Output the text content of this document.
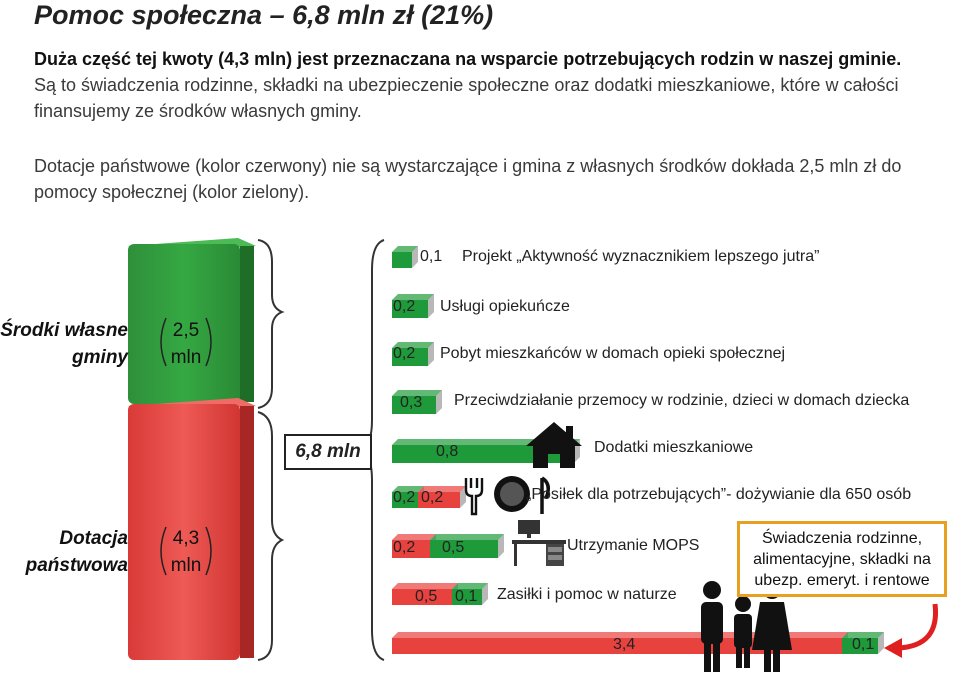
Pomoc społeczna – 6,8 mln zł (21%)
Duża część tej kwoty (4,3 mln) jest przeznaczana na wsparcie potrzebujących rodzin w naszej gminie. Są to świadczenia rodzinne, składki na ubezpieczenie społeczne oraz dodatki mieszkaniowe, które w całości finansujemy ze środków własnych gminy.
Dotacje państwowe (kolor czerwony) nie są wystarczające i gmina z własnych środków dokłada 2,5 mln zł do pomocy społecznej (kolor zielony).
Środki własne gminy
2,5 mln
Dotacja państwowa
4,3 mln
6,8 mln
0,1 Projekt „Aktywność wyznacznikiem lepszego jutra”
0,2 Usługi opiekuńcze
0,2 Pobyt mieszkańców w domach opieki społecznej
0,3 Przeciwdziałanie przemocy w rodzinie, dzieci w domach dziecka
0,8	Dodatki mieszkaniowe
0,2 0,2	„Posiłek dla potrzebujących”- dożywianie dla 650 osób
0,2 0,5	Utrzymanie MOPS
0,5 0,1 Zasiłki i pomoc w naturze
Świadczenia rodzinne, alimentacyjne, składki na ubezp. emeryt. i rentowe
3,4	0,1
